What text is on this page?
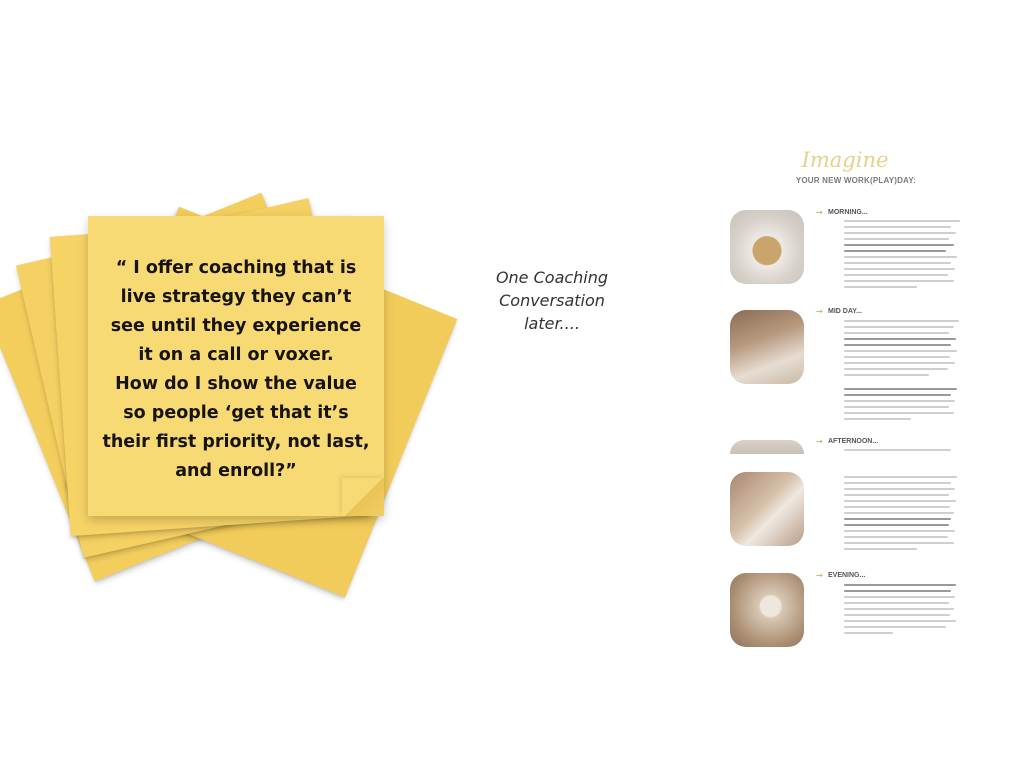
“ I offer coaching that is
live strategy they can’t
see until they experience
it on a call or voxer.
How do I show the value
so people ‘get that it’s
their first priority, not last,
and enroll?”

One Coaching
Conversation
later....

Imagine
YOUR NEW WORK(PLAY)DAY:
→ MORNING...
→ MID DAY...
→ AFTERNOON...
→ EVENING...
